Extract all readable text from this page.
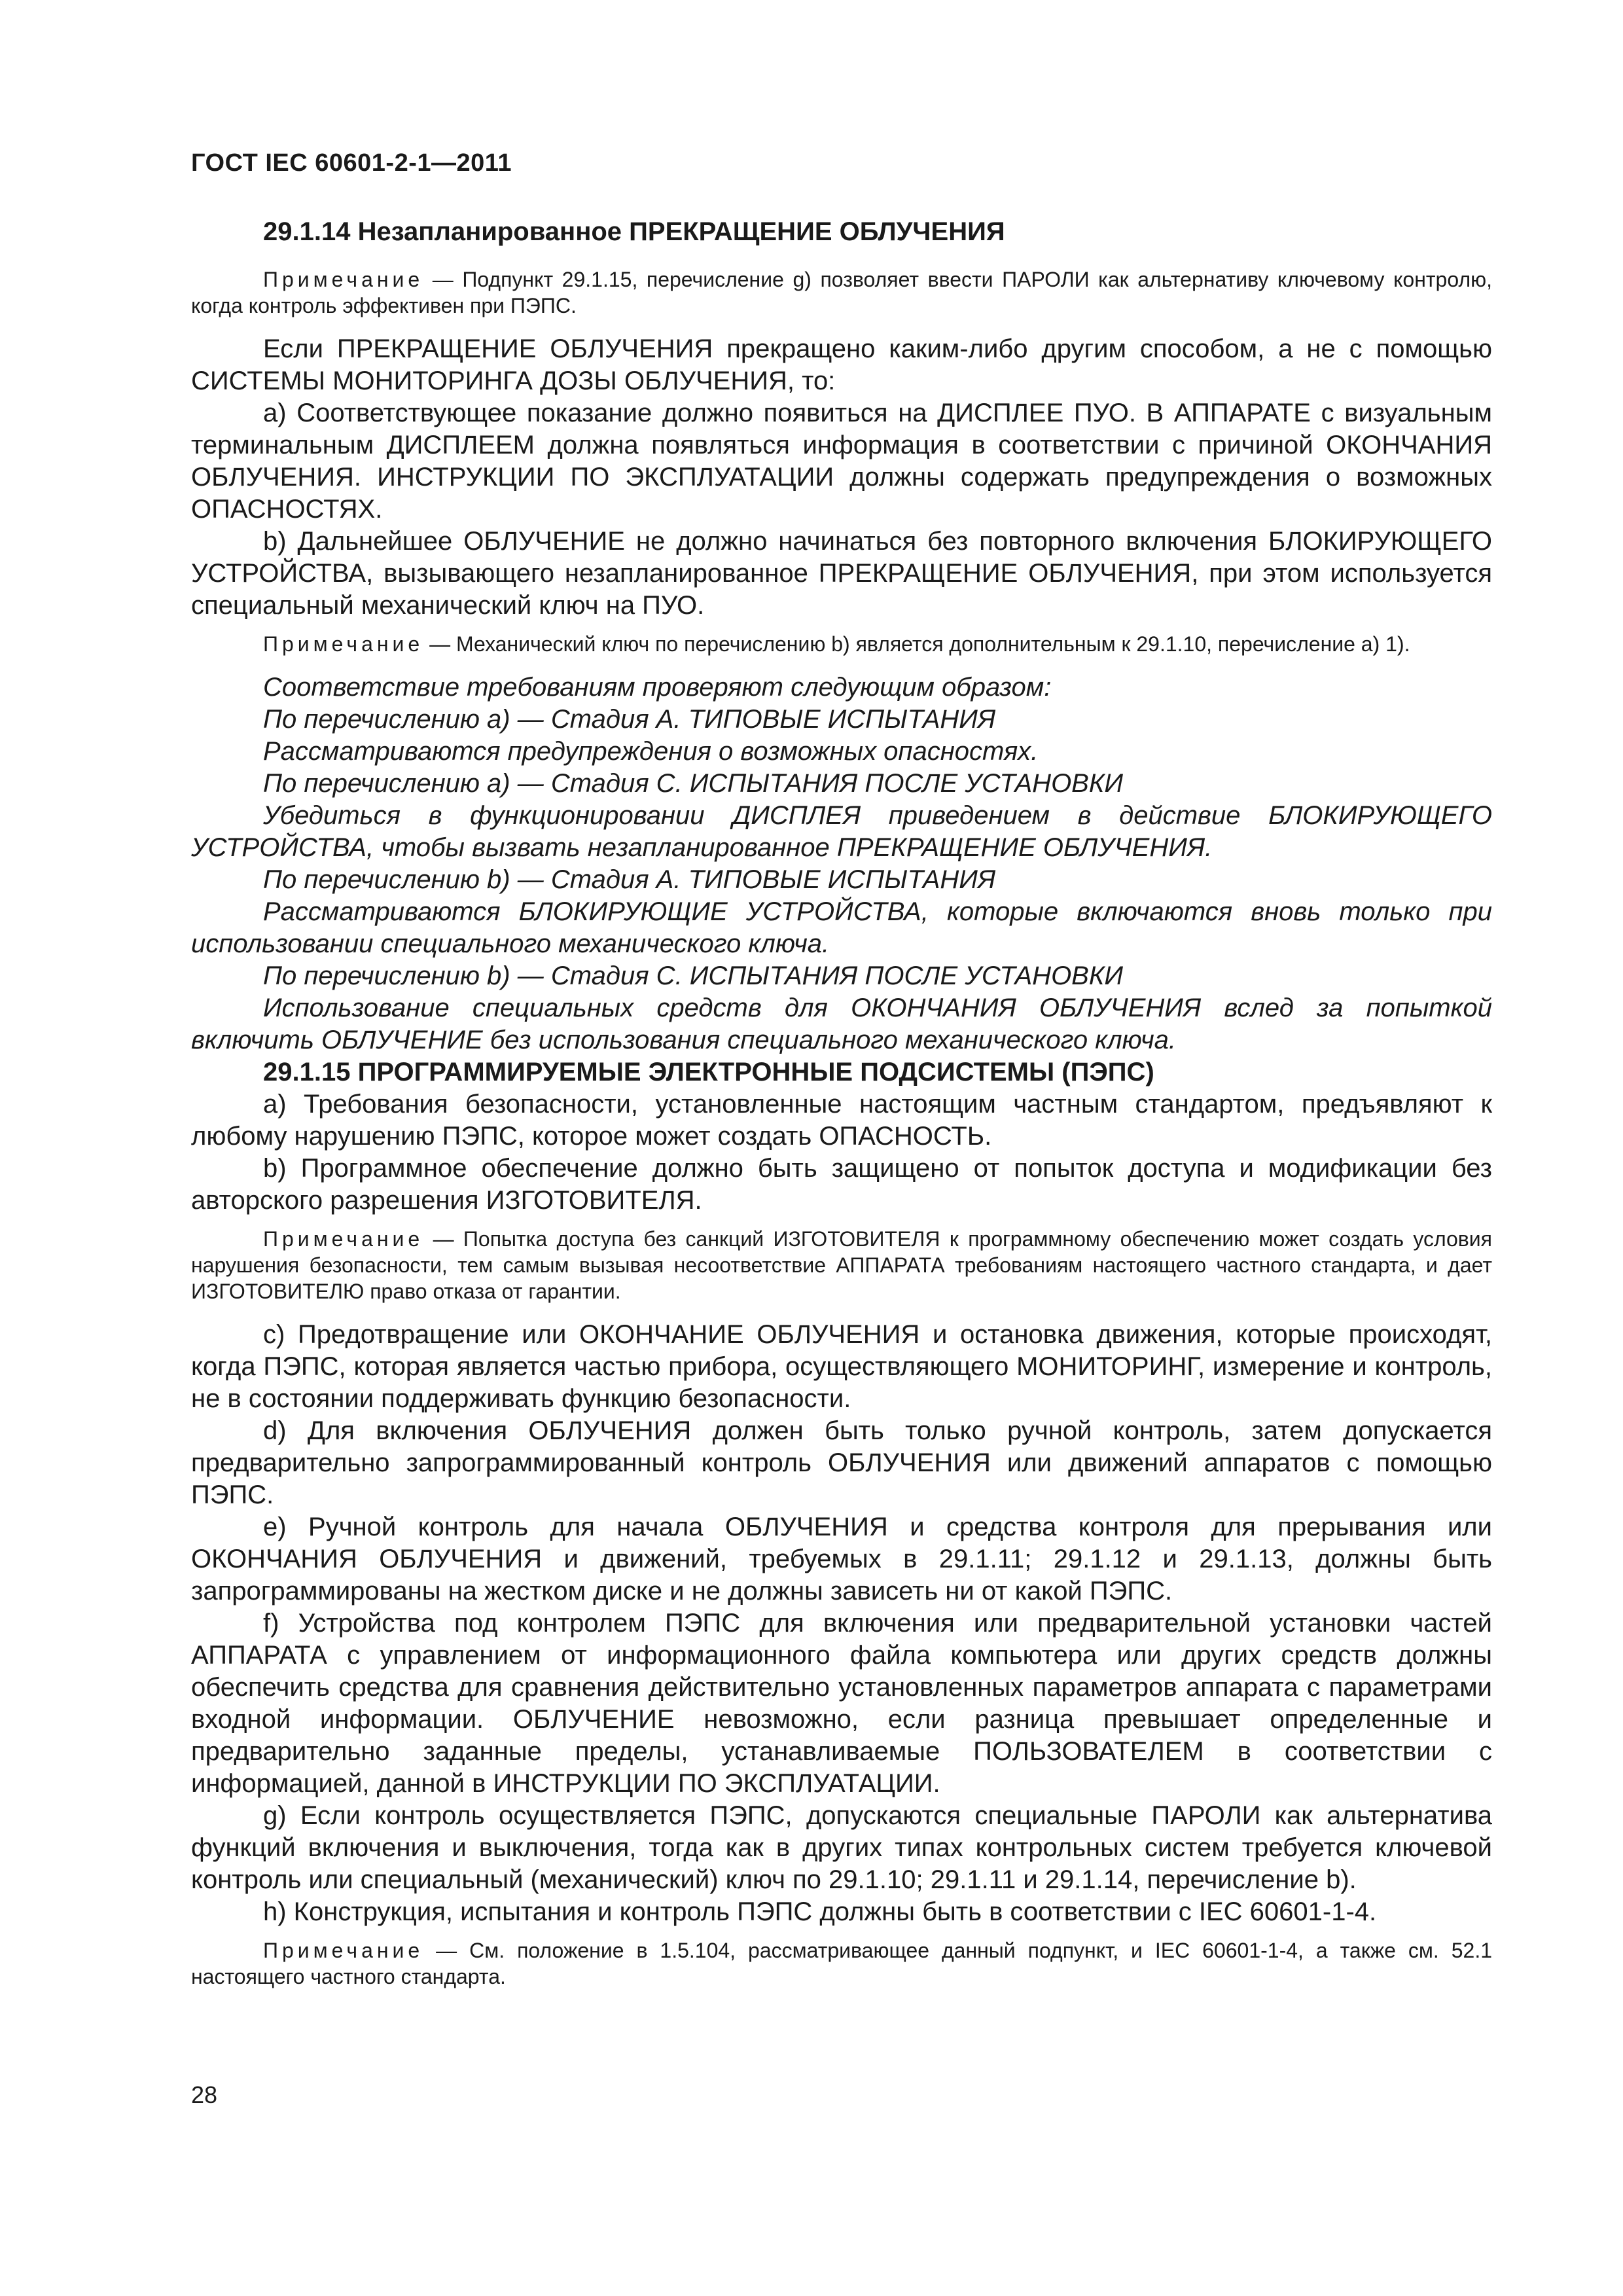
ГОСТ IEC 60601-2-1—2011
29.1.14 Незапланированное ПРЕКРАЩЕНИЕ ОБЛУЧЕНИЯ

Примечание — Подпункт 29.1.15, перечисление g) позволяет ввести ПАРОЛИ как альтернативу ключевому контролю, когда контроль эффективен при ПЭПС.

Если ПРЕКРАЩЕНИЕ ОБЛУЧЕНИЯ прекращено каким-либо другим способом, а не с помощью СИСТЕМЫ МОНИТОРИНГА ДОЗЫ ОБЛУЧЕНИЯ, то:

a) Соответствующее показание должно появиться на ДИСПЛЕЕ ПУО. В АППАРАТЕ с визуальным терминальным ДИСПЛЕЕМ должна появляться информация в соответствии с причиной ОКОНЧАНИЯ ОБЛУЧЕНИЯ. ИНСТРУКЦИИ ПО ЭКСПЛУАТАЦИИ должны содержать предупреждения о возможных ОПАСНОСТЯХ.

b) Дальнейшее ОБЛУЧЕНИЕ не должно начинаться без повторного включения БЛОКИРУЮЩЕГО УСТРОЙСТВА, вызывающего незапланированное ПРЕКРАЩЕНИЕ ОБЛУЧЕНИЯ, при этом используется специальный механический ключ на ПУО.

Примечание — Механический ключ по перечислению b) является дополнительным к 29.1.10, перечисление а) 1).

Соответствие требованиям проверяют следующим образом:

По перечислению а) — Стадия А. ТИПОВЫЕ ИСПЫТАНИЯ

Рассматриваются предупреждения о возможных опасностях.

По перечислению а) — Стадия С. ИСПЫТАНИЯ ПОСЛЕ УСТАНОВКИ

Убедиться в функционировании ДИСПЛЕЯ приведением в действие БЛОКИРУЮЩЕГО УСТРОЙСТВА, чтобы вызвать незапланированное ПРЕКРАЩЕНИЕ ОБЛУЧЕНИЯ.

По перечислению b) — Стадия А. ТИПОВЫЕ ИСПЫТАНИЯ

Рассматриваются БЛОКИРУЮЩИЕ УСТРОЙСТВА, которые включаются вновь только при использовании специального механического ключа.

По перечислению b) — Стадия С. ИСПЫТАНИЯ ПОСЛЕ УСТАНОВКИ

Использование специальных средств для ОКОНЧАНИЯ ОБЛУЧЕНИЯ вслед за попыткой включить ОБЛУЧЕНИЕ без использования специального механического ключа.

29.1.15 ПРОГРАММИРУЕМЫЕ ЭЛЕКТРОННЫЕ ПОДСИСТЕМЫ (ПЭПС)

a) Требования безопасности, установленные настоящим частным стандартом, предъявляют к любому нарушению ПЭПС, которое может создать ОПАСНОСТЬ.

b) Программное обеспечение должно быть защищено от попыток доступа и модификации без авторского разрешения ИЗГОТОВИТЕЛЯ.

Примечание — Попытка доступа без санкций ИЗГОТОВИТЕЛЯ к программному обеспечению может создать условия нарушения безопасности, тем самым вызывая несоответствие АППАРАТА требованиям настоящего частного стандарта, и дает ИЗГОТОВИТЕЛЮ право отказа от гарантии.

c) Предотвращение или ОКОНЧАНИЕ ОБЛУЧЕНИЯ и остановка движения, которые происходят, когда ПЭПС, которая является частью прибора, осуществляющего МОНИТОРИНГ, измерение и контроль, не в состоянии поддерживать функцию безопасности.

d) Для включения ОБЛУЧЕНИЯ должен быть только ручной контроль, затем допускается предварительно запрограммированный контроль ОБЛУЧЕНИЯ или движений аппаратов с помощью ПЭПС.

e) Ручной контроль для начала ОБЛУЧЕНИЯ и средства контроля для прерывания или ОКОНЧАНИЯ ОБЛУЧЕНИЯ и движений, требуемых в 29.1.11; 29.1.12 и 29.1.13, должны быть запрограммированы на жестком диске и не должны зависеть ни от какой ПЭПС.

f) Устройства под контролем ПЭПС для включения или предварительной установки частей АППАРАТА с управлением от информационного файла компьютера или других средств должны обеспечить средства для сравнения действительно установленных параметров аппарата с параметрами входной информации. ОБЛУЧЕНИЕ невозможно, если разница превышает определенные и предварительно заданные пределы, устанавливаемые ПОЛЬЗОВАТЕЛЕМ в соответствии с информацией, данной в ИНСТРУКЦИИ ПО ЭКСПЛУАТАЦИИ.

g) Если контроль осуществляется ПЭПС, допускаются специальные ПАРОЛИ как альтернатива функций включения и выключения, тогда как в других типах контрольных систем требуется ключевой контроль или специальный (механический) ключ по 29.1.10; 29.1.11 и 29.1.14, перечисление b).

h) Конструкция, испытания и контроль ПЭПС должны быть в соответствии с IEC 60601-1-4.

Примечание — См. положение в 1.5.104, рассматривающее данный подпункт, и IEC 60601-1-4, а также см. 52.1 настоящего частного стандарта.

28
